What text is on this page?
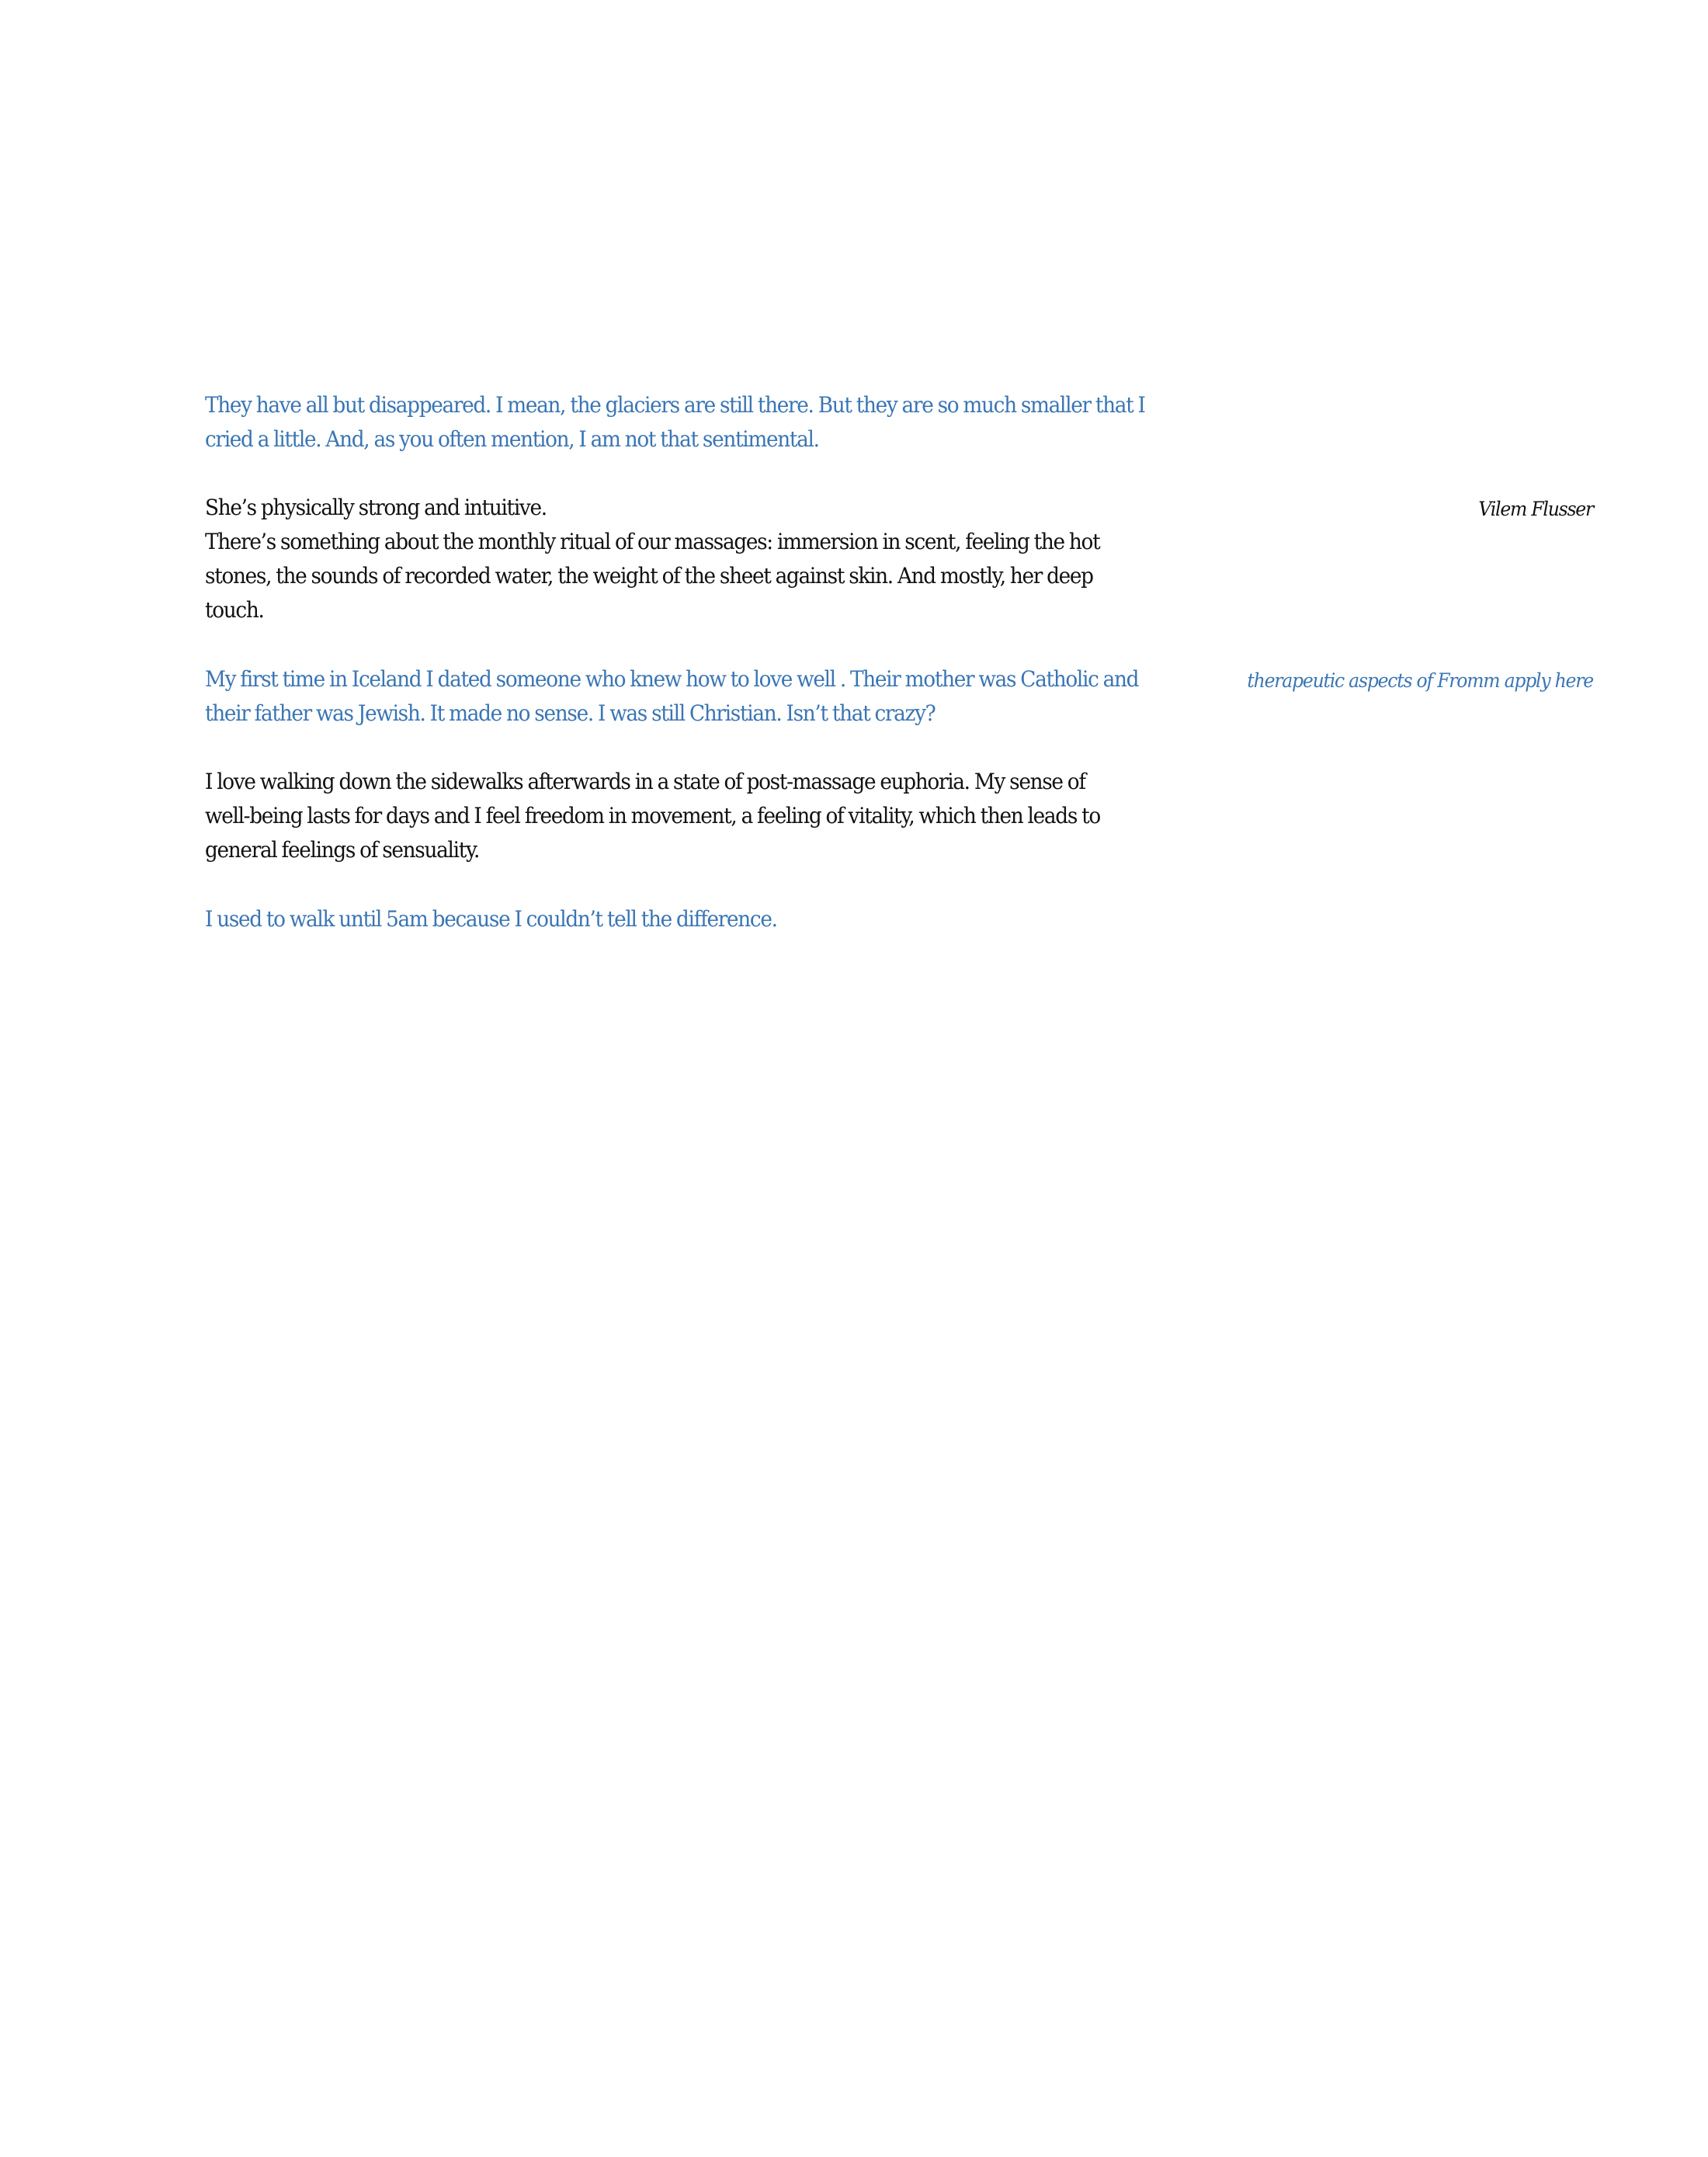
They have all but disappeared. I mean, the glaciers are still there. But they are so much smaller that I
cried a little. And, as you often mention, I am not that sentimental.

She’s physically strong and intuitive.
There’s something about the monthly ritual of our massages: immersion in scent, feeling the hot
stones, the sounds of recorded water, the weight of the sheet against skin. And mostly, her deep
touch.

My first time in Iceland I dated someone who knew how to love well . Their mother was Catholic and
their father was Jewish. It made no sense. I was still Christian. Isn’t that crazy?

I love walking down the sidewalks afterwards in a state of post-massage euphoria. My sense of
well-being lasts for days and I feel freedom in movement, a feeling of vitality, which then leads to
general feelings of sensuality.

I used to walk until 5am because I couldn’t tell the difference.

Vilem Flusser

therapeutic aspects of Fromm apply here
